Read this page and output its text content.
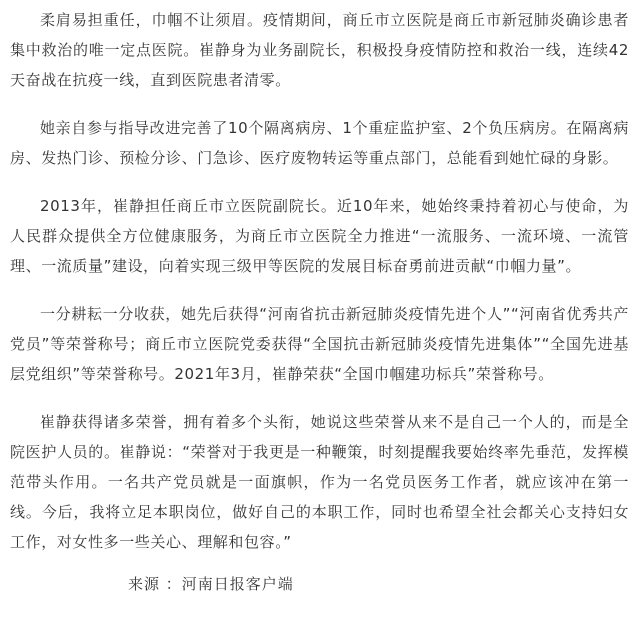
柔肩易担重任，巾帼不让须眉。疫情期间，商丘市立医院是商丘市新冠肺炎确诊患者集中救治的唯一定点医院。崔静身为业务副院长，积极投身疫情防控和救治一线，连续42天奋战在抗疫一线，直到医院患者清零。

她亲自参与指导改进完善了10个隔离病房、1个重症监护室、2个负压病房。在隔离病房、发热门诊、预检分诊、门急诊、医疗废物转运等重点部门，总能看到她忙碌的身影。

2013年，崔静担任商丘市立医院副院长。近10年来，她始终秉持着初心与使命，为人民群众提供全方位健康服务，为商丘市立医院全力推进“一流服务、一流环境、一流管理、一流质量”建设，向着实现三级甲等医院的发展目标奋勇前进贡献“巾帼力量”。

一分耕耘一分收获，她先后获得“河南省抗击新冠肺炎疫情先进个人”“河南省优秀共产党员”等荣誉称号；商丘市立医院党委获得“全国抗击新冠肺炎疫情先进集体”“全国先进基层党组织”等荣誉称号。2021年3月，崔静荣获“全国巾帼建功标兵”荣誉称号。

崔静获得诸多荣誉，拥有着多个头衔，她说这些荣誉从来不是自己一个人的，而是全院医护人员的。崔静说：“荣誉对于我更是一种鞭策，时刻提醒我要始终率先垂范，发挥模范带头作用。一名共产党员就是一面旗帜，作为一名党员医务工作者，就应该冲在第一线。今后，我将立足本职岗位，做好自己的本职工作，同时也希望全社会都关心支持妇女工作，对女性多一些关心、理解和包容。”

来源 ：河南日报客户端
